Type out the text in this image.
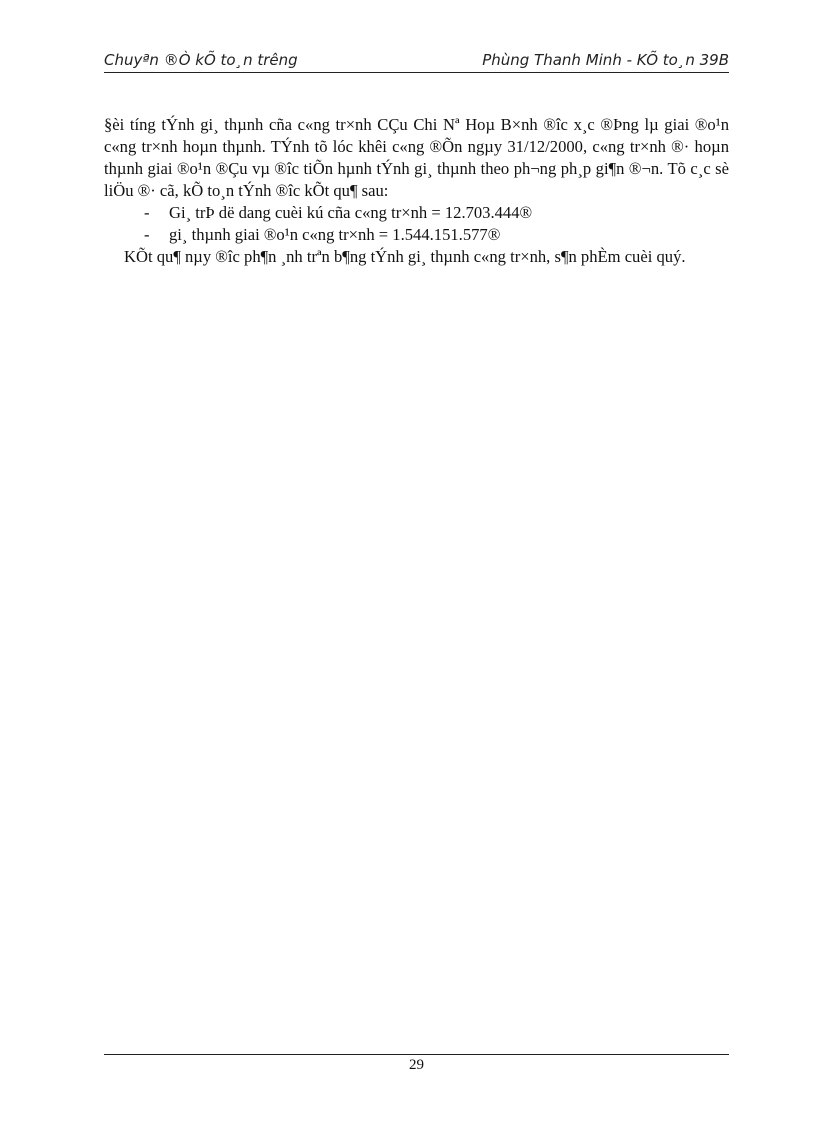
Chuyªn ®Ò kÕ to¸n trêng	Phùng Thanh Minh - KÕ to¸n 39B

§èi tíng tÝnh gi¸ thµnh cña c«ng tr×nh CÇu Chi Nª Hoµ B×nh ®îc x¸c ®Þng lµ giai ®o¹n c«ng tr×nh hoµn thµnh. TÝnh tõ lóc khêi c«ng ®Õn ngµy 31/12/2000, c«ng tr×nh ®· hoµn thµnh giai ®o¹n ®Çu vµ ®îc tiÕn hµnh tÝnh gi¸ thµnh theo ph¬ng ph¸p gi¶n ®¬n. Tõ c¸c sè liÖu ®· cã, kÕ to¸n tÝnh ®îc kÕt qu¶ sau:

- Gi¸ trÞ dë dang cuèi kú cña c«ng tr×nh = 12.703.444®
- gi¸ thµnh giai ®o¹n c«ng tr×nh = 1.544.151.577®

KÕt qu¶ nµy ®îc ph¶n ¸nh trªn b¶ng tÝnh gi¸ thµnh c«ng tr×nh, s¶n phÈm cuèi quý.

29
